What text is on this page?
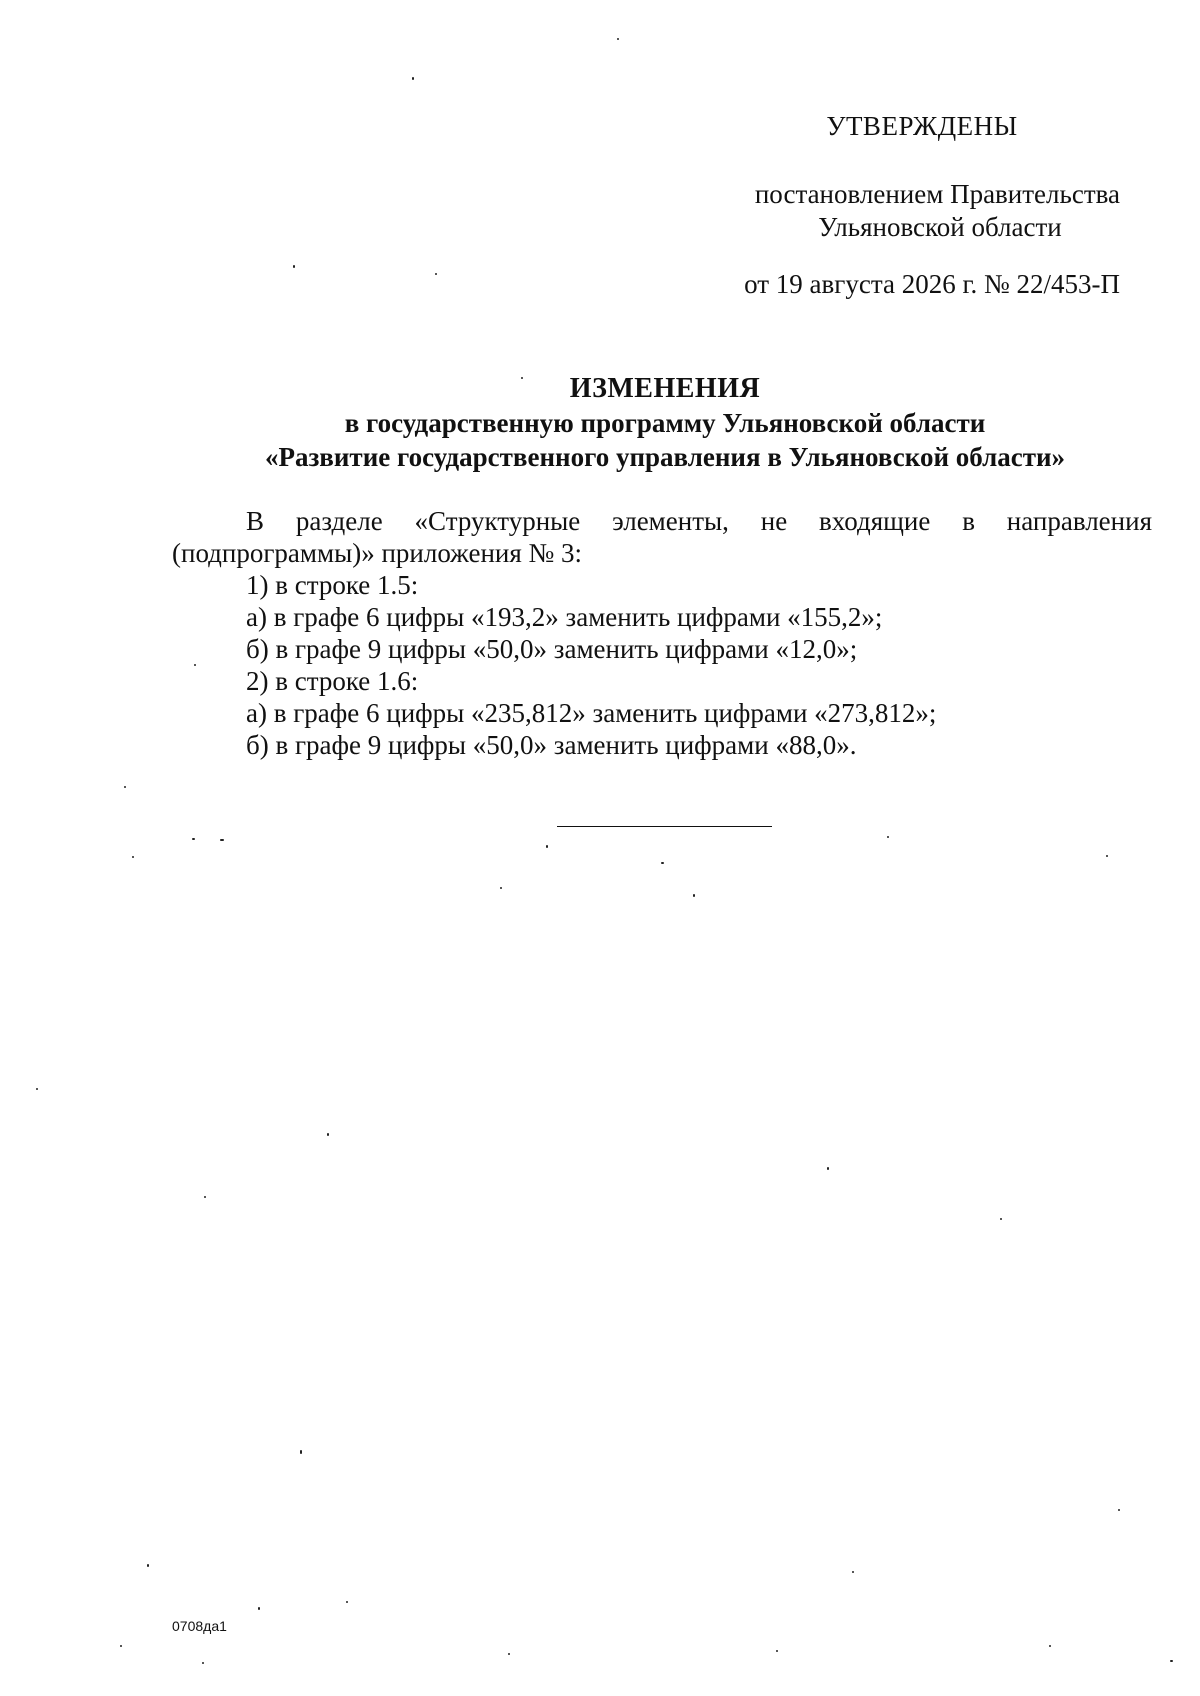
УТВЕРЖДЕНЫ
постановлением Правительства
Ульяновской области
от 19 августа 2026 г. № 22/453-П
ИЗМЕНЕНИЯ
в государственную программу Ульяновской области
«Развитие государственного управления в Ульяновской области»

В разделе «Структурные элементы, не входящие в направления (подпрограммы)» приложения № 3:

1) в строке 1.5:

а) в графе 6 цифры «193,2» заменить цифрами «155,2»;

б) в графе 9 цифры «50,0» заменить цифрами «12,0»;

2) в строке 1.6:

а) в графе 6 цифры «235,812» заменить цифрами «273,812»;

б) в графе 9 цифры «50,0» заменить цифрами «88,0».

0708да1
